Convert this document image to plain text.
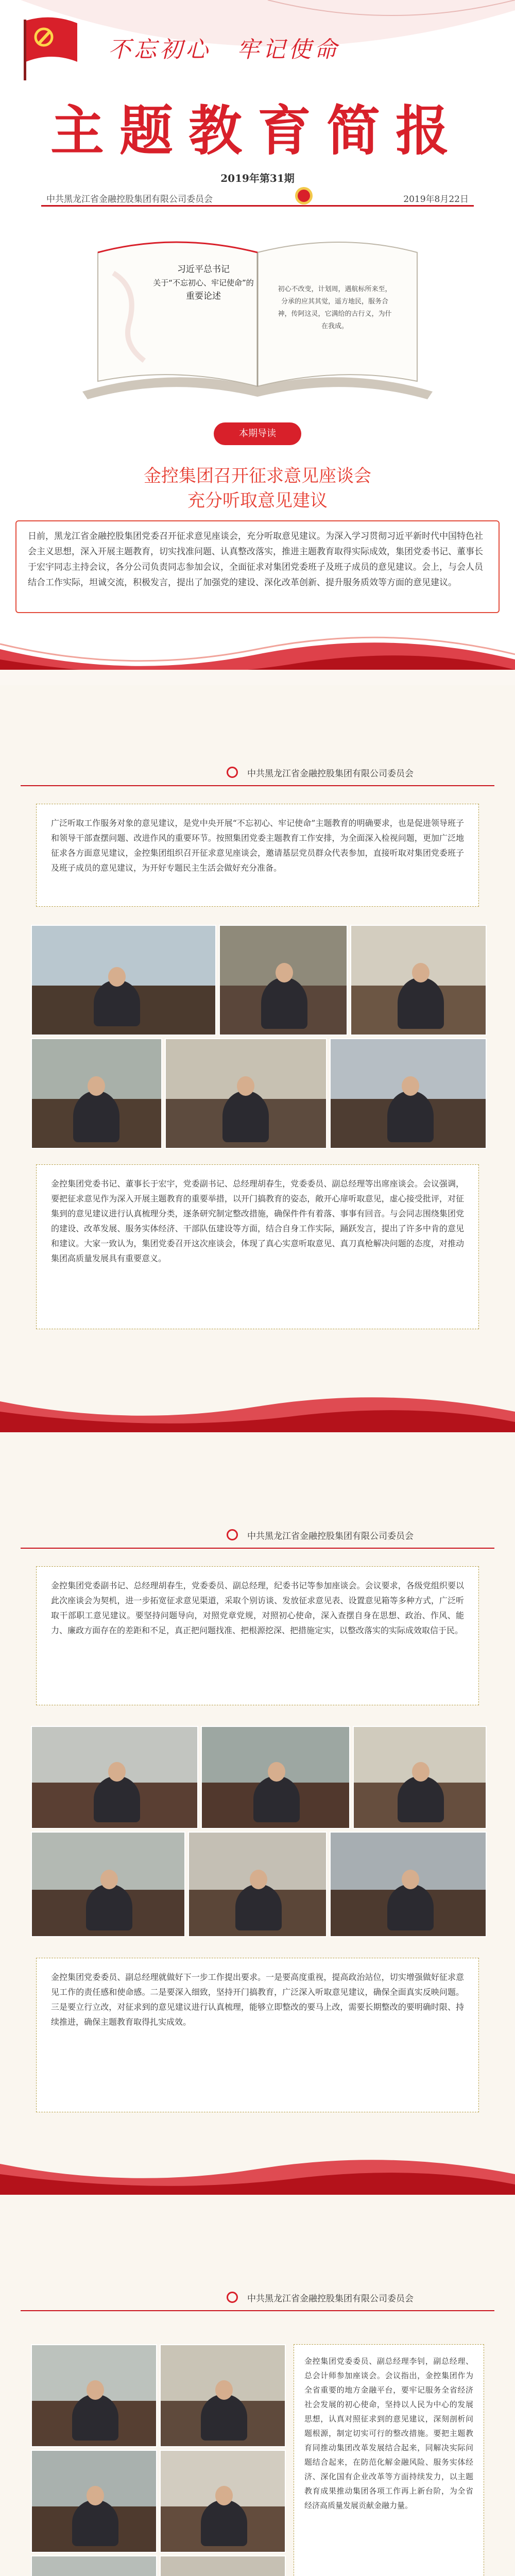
不忘初心　牢记使命
主题教育简报
2019年第31期
中共黑龙江省金融控股集团有限公司委员会	2019年8月22日
习近平总书记
关于“不忘初心、牢记使命”的
重要论述
初心不改变，计划周，遇航标所来至，分承的应其其觉，遥方地民，服务合神，传阿这灵，它满给的古行义，为什在我成。
本期导读
金控集团召开征求意见座谈会
充分听取意见建议
日前，黑龙江省金融控股集团党委召开征求意见座谈会，充分听取意见建议。为深入学习贯彻习近平新时代中国特色社会主义思想，深入开展主题教育，切实找准问题、认真整改落实，推进主题教育取得实际成效，集团党委书记、董事长于宏宇同志主持会议，各分公司负责同志参加会议，全面征求对集团党委班子及班子成员的意见建议。会上，与会人员结合工作实际，坦诚交流，积极发言，提出了加强党的建设、深化改革创新、提升服务质效等方面的意见建议。
中共黑龙江省金融控股集团有限公司委员会
广泛听取工作服务对象的意见建议，是党中央开展“不忘初心、牢记使命”主题教育的明确要求，也是促进领导班子和领导干部查摆问题、改进作风的重要环节。按照集团党委主题教育工作安排，为全面深入检视问题，更加广泛地征求各方面意见建议，金控集团组织召开征求意见座谈会，邀请基层党员群众代表参加，直接听取对集团党委班子及班子成员的意见建议，为开好专题民主生活会做好充分准备。
金控集团党委书记、董事长于宏宇，党委副书记、总经理胡春生，党委委员、副总经理等出席座谈会。会议强调，要把征求意见作为深入开展主题教育的重要举措，以开门搞教育的姿态，敞开心扉听取意见，虚心接受批评，对征集到的意见建议进行认真梳理分类，逐条研究制定整改措施，确保件件有着落、事事有回音。与会同志围绕集团党的建设、改革发展、服务实体经济、干部队伍建设等方面，结合自身工作实际，踊跃发言，提出了许多中肯的意见和建议。大家一致认为，集团党委召开这次座谈会，体现了真心实意听取意见、真刀真枪解决问题的态度，对推动集团高质量发展具有重要意义。
中共黑龙江省金融控股集团有限公司委员会
金控集团党委副书记、总经理胡春生，党委委员、副总经理，纪委书记等参加座谈会。会议要求，各级党组织要以此次座谈会为契机，进一步拓宽征求意见渠道，采取个别访谈、发放征求意见表、设置意见箱等多种方式，广泛听取干部职工意见建议。要坚持问题导向，对照党章党规，对照初心使命，深入查摆自身在思想、政治、作风、能力、廉政方面存在的差距和不足，真正把问题找准、把根源挖深、把措施定实，以整改落实的实际成效取信于民。
金控集团党委委员、副总经理就做好下一步工作提出要求。一是要高度重视，提高政治站位，切实增强做好征求意见工作的责任感和使命感。二是要深入细致，坚持开门搞教育，广泛深入听取意见建议，确保全面真实反映问题。三是要立行立改，对征求到的意见建议进行认真梳理，能够立即整改的要马上改，需要长期整改的要明确时限、持续推进，确保主题教育取得扎实成效。
中共黑龙江省金融控股集团有限公司委员会
金控集团党委委员、副总经理李钊，副总经理、总会计师参加座谈会。会议指出，金控集团作为全省重要的地方金融平台，要牢记服务全省经济社会发展的初心使命，坚持以人民为中心的发展思想，认真对照征求到的意见建议，深刻剖析问题根源，制定切实可行的整改措施。要把主题教育同推动集团改革发展结合起来，同解决实际问题结合起来，在防范化解金融风险、服务实体经济、深化国有企业改革等方面持续发力，以主题教育成果推动集团各项工作再上新台阶，为全省经济高质量发展贡献金融力量。
